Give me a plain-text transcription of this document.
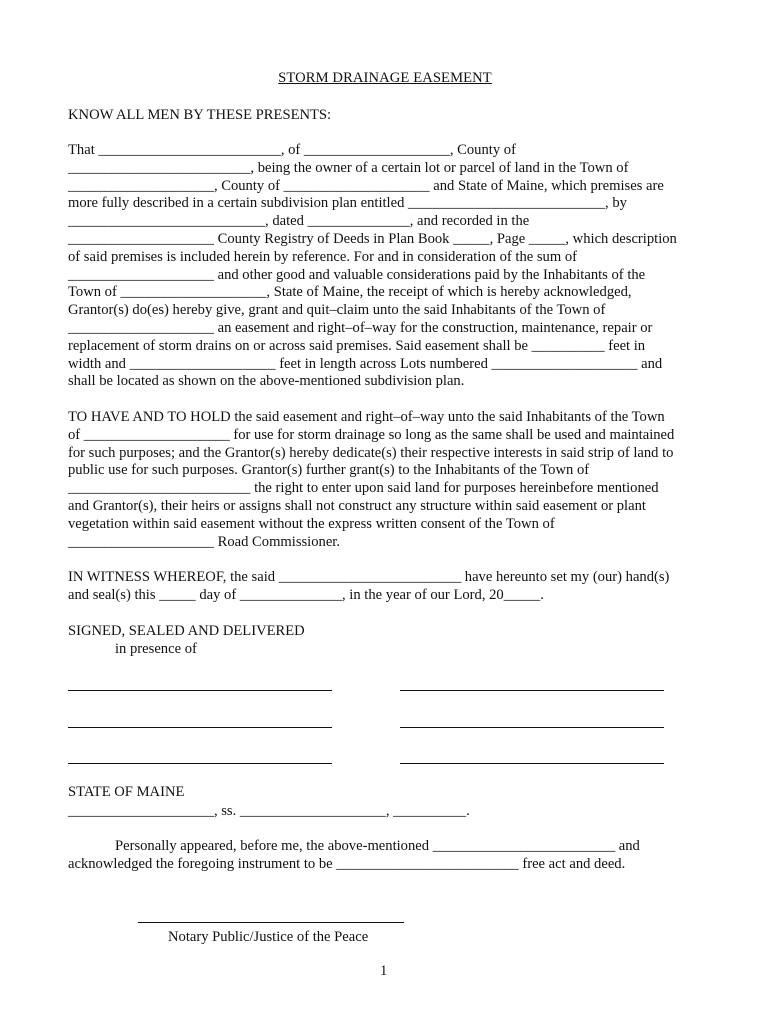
STORM DRAINAGE EASEMENT
KNOW ALL MEN BY THESE PRESENTS:
That _________________________, of ____________________, County of
_________________________, being the owner of a certain lot or parcel of land in the Town of
____________________, County of ____________________ and State of Maine, which premises are
more fully described in a certain subdivision plan entitled ___________________________, by
___________________________, dated ______________, and recorded in the
____________________ County Registry of Deeds in Plan Book _____, Page _____, which description
of said premises is included herein by reference. For and in consideration of the sum of
____________________ and other good and valuable considerations paid by the Inhabitants of the
Town of ____________________, State of Maine, the receipt of which is hereby acknowledged,
Grantor(s) do(es) hereby give, grant and quit–claim unto the said Inhabitants of the Town of
____________________ an easement and right–of–way for the construction, maintenance, repair or
replacement of storm drains on or across said premises. Said easement shall be __________ feet in
width and ____________________ feet in length across Lots numbered ____________________ and
shall be located as shown on the above-mentioned subdivision plan.
TO HAVE AND TO HOLD the said easement and right–of–way unto the said Inhabitants of the Town
of ____________________ for use for storm drainage so long as the same shall be used and maintained
for such purposes; and the Grantor(s) hereby dedicate(s) their respective interests in said strip of land to
public use for such purposes. Grantor(s) further grant(s) to the Inhabitants of the Town of
_________________________ the right to enter upon said land for purposes hereinbefore mentioned
and Grantor(s), their heirs or assigns shall not construct any structure within said easement or plant
vegetation within said easement without the express written consent of the Town of
____________________ Road Commissioner.
IN WITNESS WHEREOF, the said _________________________ have hereunto set my (our) hand(s)
and seal(s) this _____ day of ______________, in the year of our Lord, 20_____.
SIGNED, SEALED AND DELIVERED
in presence of
STATE OF MAINE
____________________, ss. ____________________, __________.
Personally appeared, before me, the above-mentioned _________________________ and
acknowledged the foregoing instrument to be _________________________ free act and deed.
Notary Public/Justice of the Peace
1
